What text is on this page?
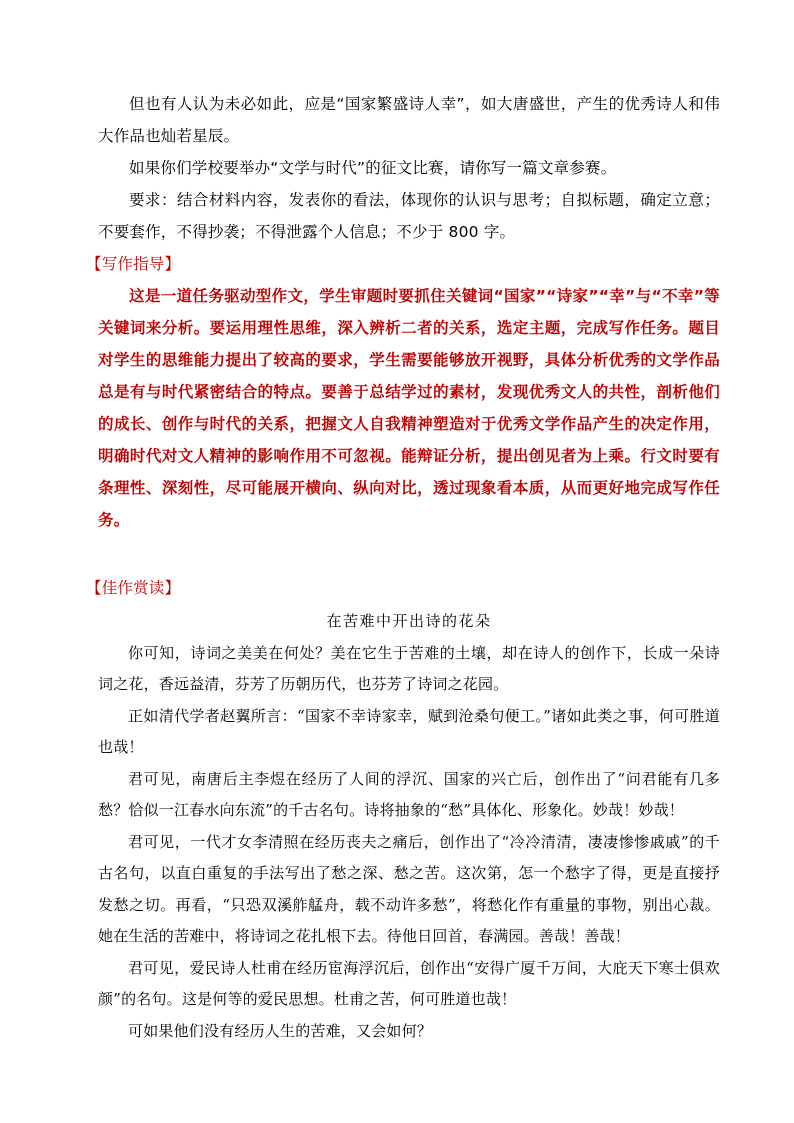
但也有人认为未必如此，应是“国家繁盛诗人幸”，如大唐盛世，产生的优秀诗人和伟大作品也灿若星辰。

如果你们学校要举办“文学与时代”的征文比赛，请你写一篇文章参赛。

要求：结合材料内容，发表你的看法，体现你的认识与思考；自拟标题，确定立意；不要套作，不得抄袭；不得泄露个人信息；不少于 800 字。

【写作指导】

这是一道任务驱动型作文，学生审题时要抓住关键词“国家”“诗家”“幸”与“不幸”等关键词来分析。要运用理性思维，深入辨析二者的关系，选定主题，完成写作任务。题目对学生的思维能力提出了较高的要求，学生需要能够放开视野，具体分析优秀的文学作品总是有与时代紧密结合的特点。要善于总结学过的素材，发现优秀文人的共性，剖析他们的成长、创作与时代的关系，把握文人自我精神塑造对于优秀文学作品产生的决定作用，明确时代对文人精神的影响作用不可忽视。能辩证分析，提出创见者为上乘。行文时要有条理性、深刻性，尽可能展开横向、纵向对比，透过现象看本质，从而更好地完成写作任务。

【佳作赏读】

在苦难中开出诗的花朵

你可知，诗词之美美在何处？美在它生于苦难的土壤，却在诗人的创作下，长成一朵诗词之花，香远益清，芬芳了历朝历代，也芬芳了诗词之花园。

正如清代学者赵翼所言：“国家不幸诗家幸，赋到沧桑句便工。”诸如此类之事，何可胜道也哉！

君可见，南唐后主李煜在经历了人间的浮沉、国家的兴亡后，创作出了“问君能有几多愁？恰似一江春水向东流”的千古名句。诗将抽象的“愁”具体化、形象化。妙哉！妙哉！

君可见，一代才女李清照在经历丧夫之痛后，创作出了“冷冷清清，凄凄惨惨戚戚”的千古名句，以直白重复的手法写出了愁之深、愁之苦。这次第，怎一个愁字了得，更是直接抒发愁之切。再看，“只恐双溪舴艋舟，载不动许多愁”，将愁化作有重量的事物，别出心裁。她在生活的苦难中，将诗词之花扎根下去。待他日回首，春满园。善哉！善哉！

君可见，爱民诗人杜甫在经历宦海浮沉后，创作出“安得广厦千万间，大庇天下寒士俱欢颜”的名句。这是何等的爱民思想。杜甫之苦，何可胜道也哉！

可如果他们没有经历人生的苦难，又会如何？
